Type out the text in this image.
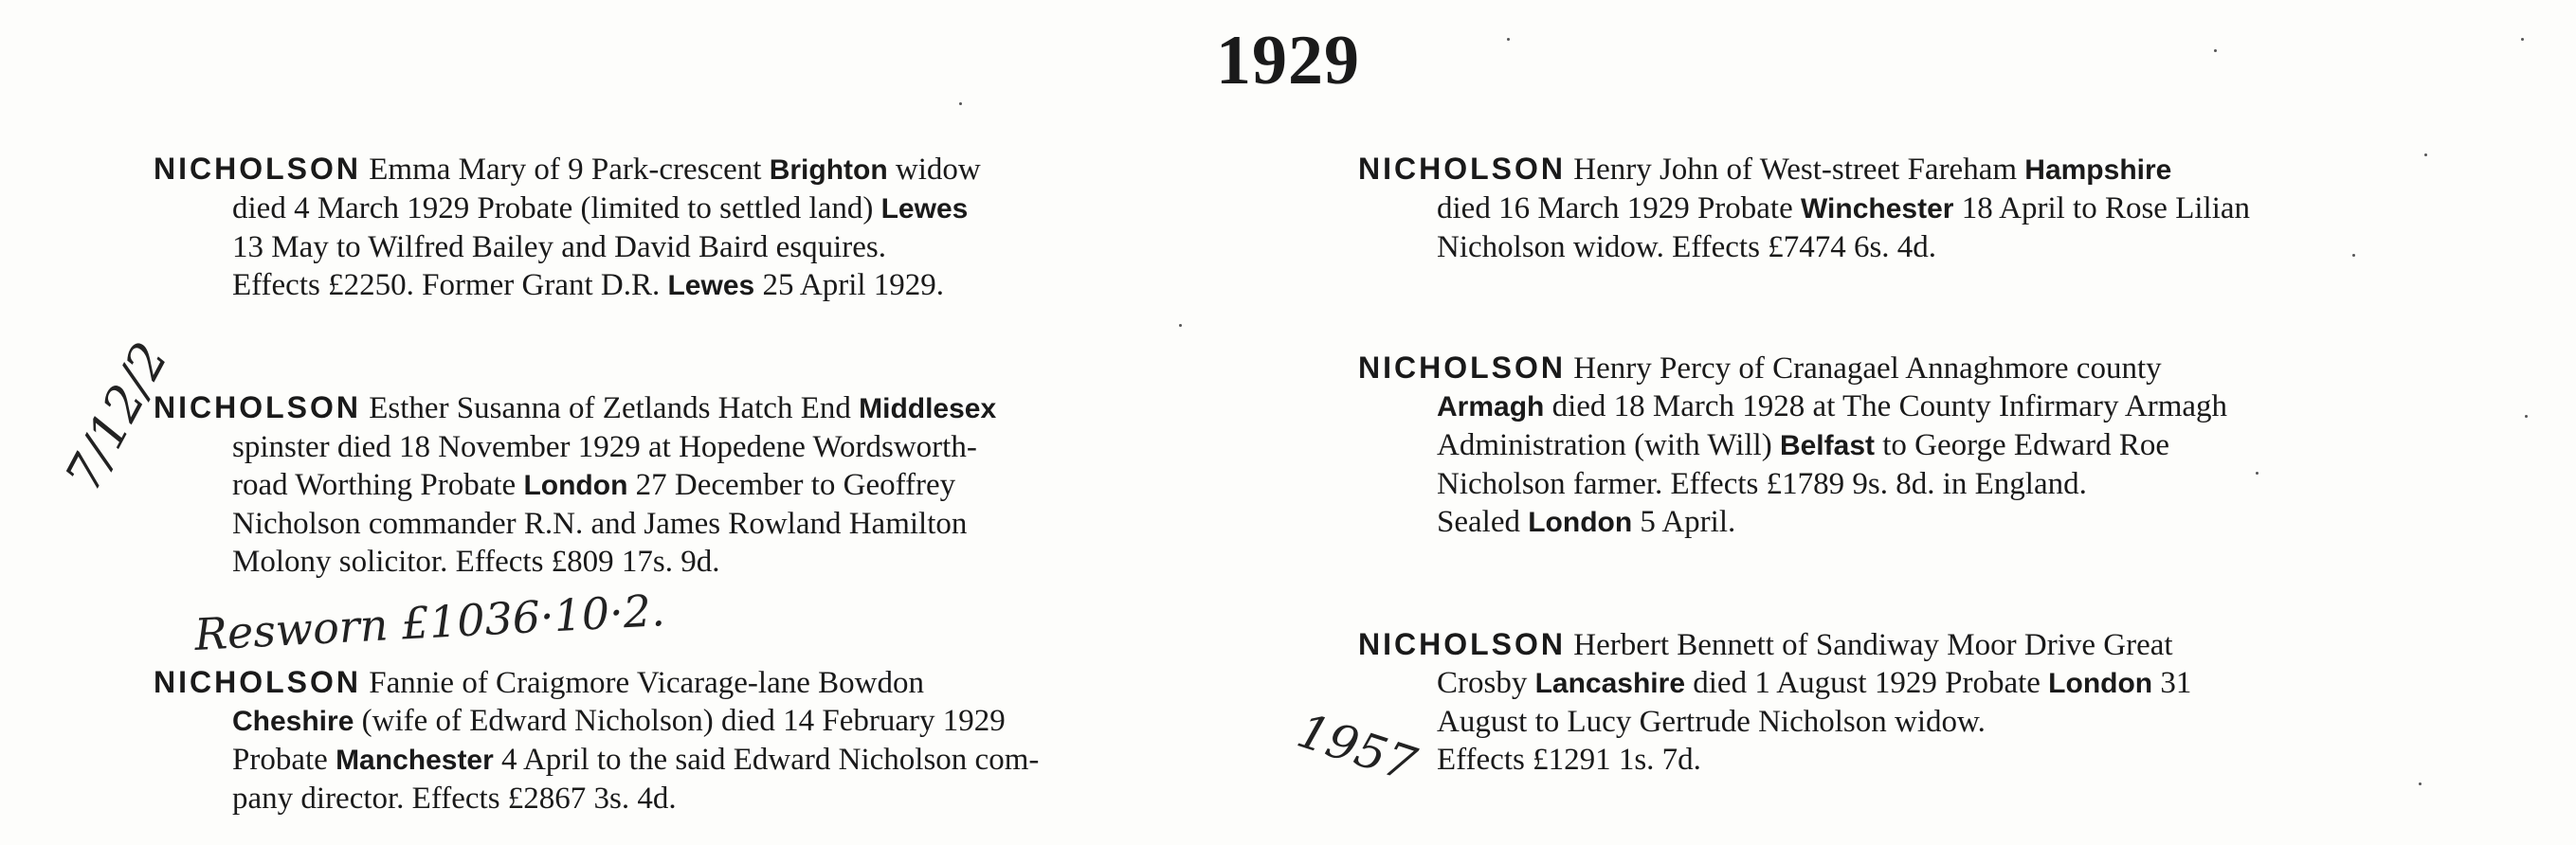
1929
NICHOLSON Emma Mary of 9 Park-crescent Brighton widow
died 4 March 1929 Probate (limited to settled land) Lewes
13 May to Wilfred Bailey and David Baird esquires.
Effects £2250. Former Grant D.R. Lewes 25 April 1929.
NICHOLSON Esther Susanna of Zetlands Hatch End Middlesex
spinster died 18 November 1929 at Hopedene Wordsworth-
road Worthing Probate London 27 December to Geoffrey
Nicholson commander R.N. and James Rowland Hamilton
Molony solicitor. Effects £809 17s. 9d.
NICHOLSON Fannie of Craigmore Vicarage-lane Bowdon
Cheshire (wife of Edward Nicholson) died 14 February 1929
Probate Manchester 4 April to the said Edward Nicholson com-
pany director. Effects £2867 3s. 4d.
NICHOLSON Henry John of West-street Fareham Hampshire
died 16 March 1929 Probate Winchester 18 April to Rose Lilian
Nicholson widow. Effects £7474 6s. 4d.
NICHOLSON Henry Percy of Cranagael Annaghmore county
Armagh died 18 March 1928 at The County Infirmary Armagh
Administration (with Will) Belfast to George Edward Roe
Nicholson farmer. Effects £1789 9s. 8d. in England.
Sealed London 5 April.
NICHOLSON Herbert Bennett of Sandiway Moor Drive Great
Crosby Lancashire died 1 August 1929 Probate London 31
August to Lucy Gertrude Nicholson widow.
Effects £1291 1s. 7d.
7/12/2
Resworn £1036·10·2.
1957
